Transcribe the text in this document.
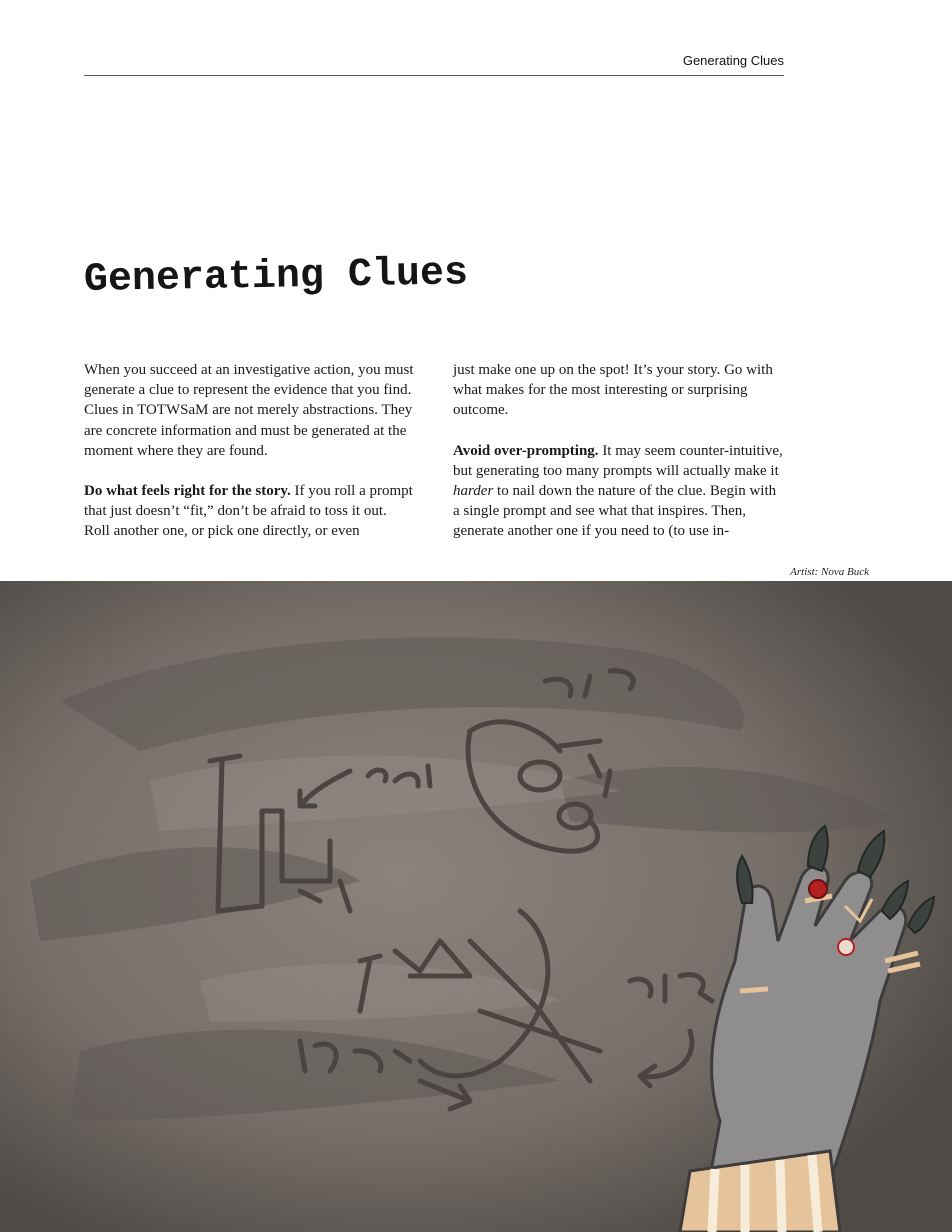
Generating Clues
Generating Clues

When you succeed at an investigative action, you must generate a clue to represent the evidence that you find. Clues in TOTWSaM are not merely abstractions. They are concrete information and must be generated at the moment where they are found.

Do what feels right for the story. If you roll a prompt that just doesn’t “fit,” don’t be afraid to toss it out. Roll another one, or pick one directly, or even

just make one up on the spot! It’s your story. Go with what makes for the most interesting or surprising outcome.

Avoid over-prompting. It may seem counter-intuitive, but generating too many prompts will actually make it harder to nail down the nature of the clue. Begin with a single prompt and see what that inspires. Then, generate another one if you need to (to use in-

Artist: Nova Buck
